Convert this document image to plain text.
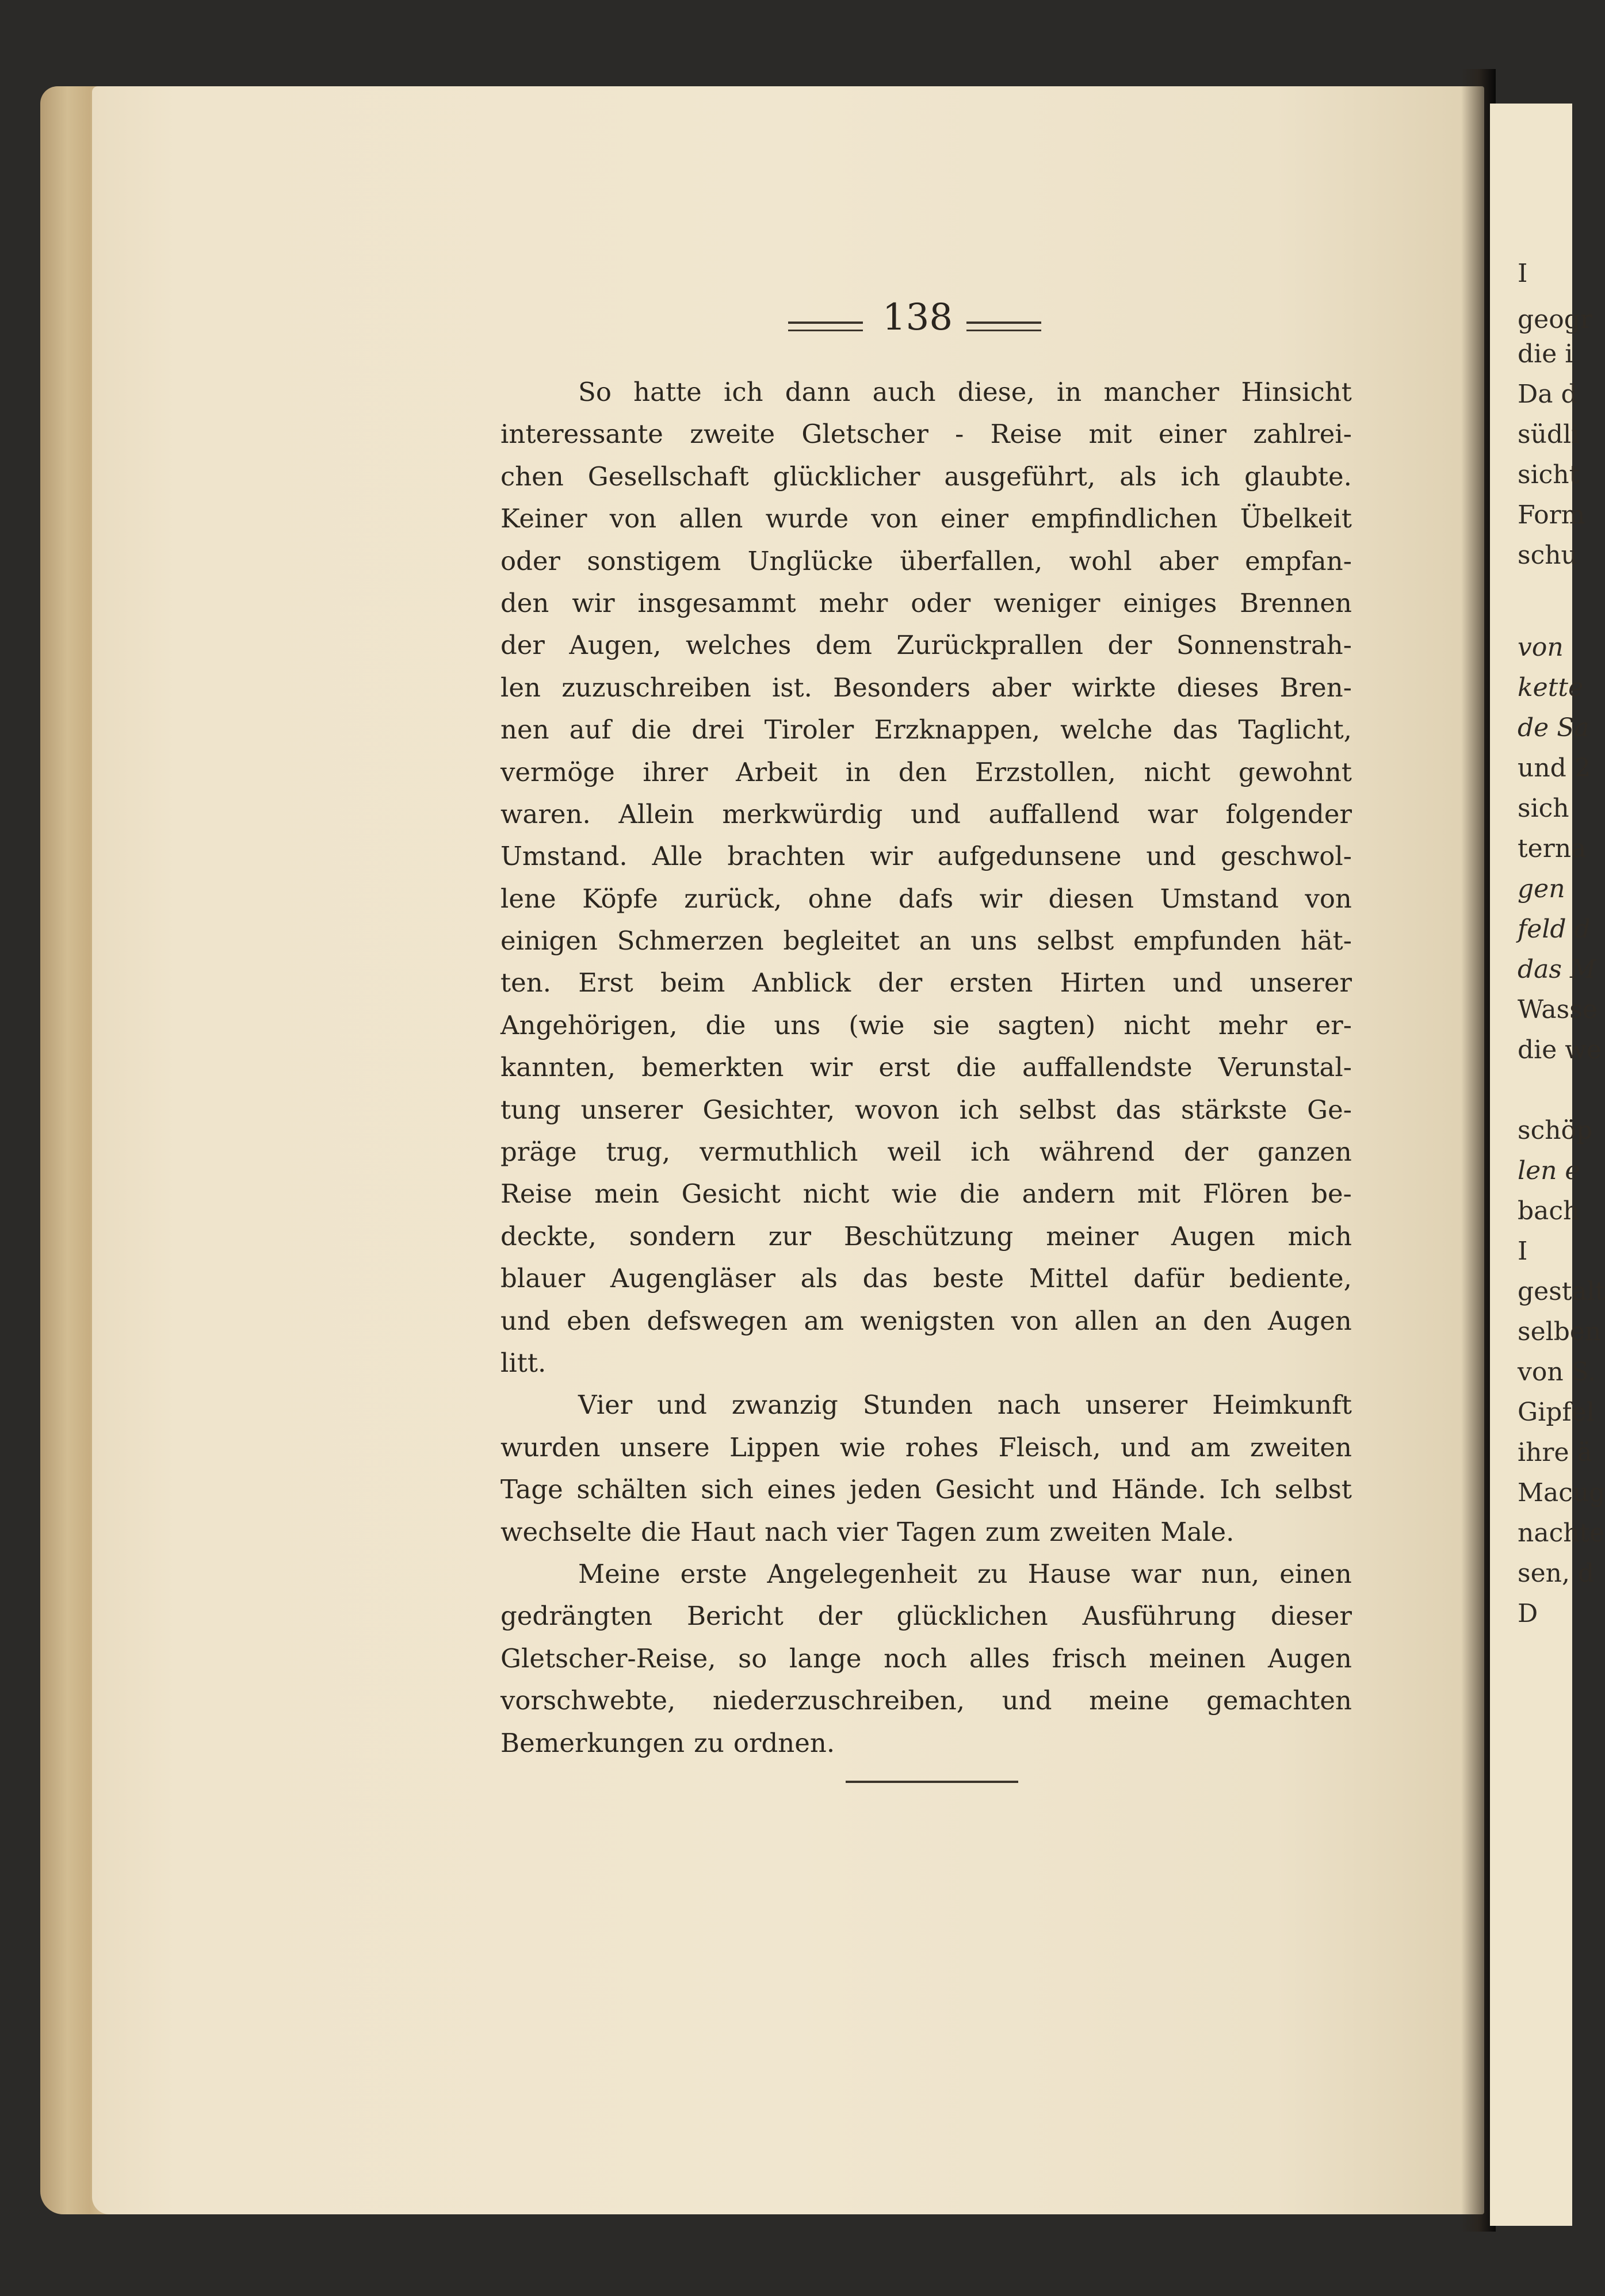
I
geogr
die i
Da d
südli
sicht
Form
schu
von
kette
de Sa
und 2
sich
terna
gen
feld d
das M
Wasse
die we
schöp
len e
bach
I
gestalt
selben
von S.
Gipfel
ihre ä
Macug
nachte
sen, d
D
138
So hatte ich dann auch diese, in mancher Hinsicht
interessante zweite Gletscher - Reise mit einer zahlrei-
chen Gesellschaft glücklicher ausgeführt, als ich glaubte.
Keiner von allen wurde von einer empfindlichen Übelkeit
oder sonstigem Unglücke überfallen, wohl aber empfan-
den wir insgesammt mehr oder weniger einiges Brennen
der Augen, welches dem Zurückprallen der Sonnenstrah-
len zuzuschreiben ist. Besonders aber wirkte dieses Bren-
nen auf die drei Tiroler Erzknappen, welche das Taglicht,
vermöge ihrer Arbeit in den Erzstollen, nicht gewohnt
waren. Allein merkwürdig und auffallend war folgender
Umstand. Alle brachten wir aufgedunsene und geschwol-
lene Köpfe zurück, ohne dafs wir diesen Umstand von
einigen Schmerzen begleitet an uns selbst empfunden hät-
ten. Erst beim Anblick der ersten Hirten und unserer
Angehörigen, die uns (wie sie sagten) nicht mehr er-
kannten, bemerkten wir erst die auffallendste Verunstal-
tung unserer Gesichter, wovon ich selbst das stärkste Ge-
präge trug, vermuthlich weil ich während der ganzen
Reise mein Gesicht nicht wie die andern mit Flören be-
deckte, sondern zur Beschützung meiner Augen mich
blauer Augengläser als das beste Mittel dafür bediente,
und eben defswegen am wenigsten von allen an den Augen
litt.
Vier und zwanzig Stunden nach unserer Heimkunft
wurden unsere Lippen wie rohes Fleisch, und am zweiten
Tage schälten sich eines jeden Gesicht und Hände. Ich selbst
wechselte die Haut nach vier Tagen zum zweiten Male.
Meine erste Angelegenheit zu Hause war nun, einen
gedrängten Bericht der glücklichen Ausführung dieser
Gletscher-Reise, so lange noch alles frisch meinen Augen
vorschwebte, niederzuschreiben, und meine gemachten
Bemerkungen zu ordnen.
